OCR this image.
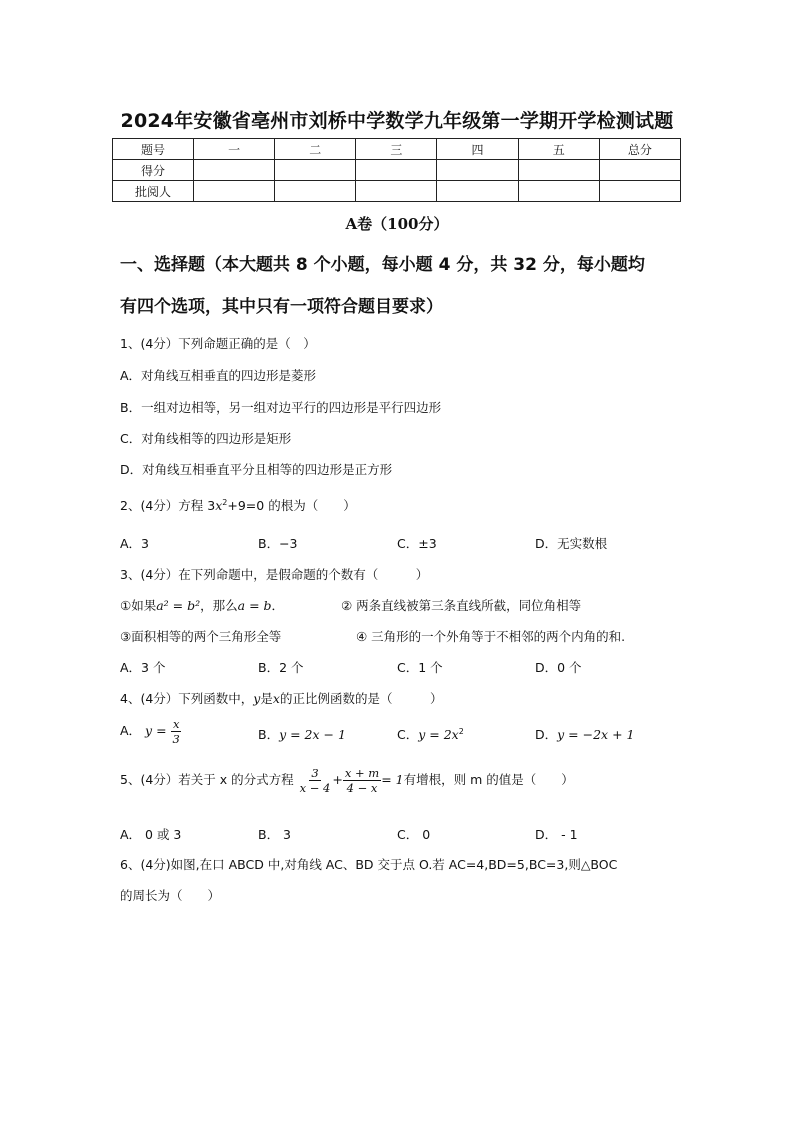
2024年安徽省亳州市刘桥中学数学九年级第一学期开学检测试题
题号	一	二	三	四	五	总分
得分						
批阅人						
A卷（100分）
一、选择题（本大题共 8 个小题，每小题 4 分，共 32 分，每小题均
有四个选项，其中只有一项符合题目要求）
1、(4分）下列命题正确的是（　）
A．对角线互相垂直的四边形是菱形
B．一组对边相等，另一组对边平行的四边形是平行四边形
C．对角线相等的四边形是矩形
D．对角线互相垂直平分且相等的四边形是正方形
2、(4分）方程 $3x^2+9=0$ 的根为（　　）
A．3	B．−3	C．±3	D．无实数根
3、(4分）在下列命题中，是假命题的个数有（　　　）
①如果a² = b²，那么a = b．	② 两条直线被第三条直线所截，同位角相等
③面积相等的两个三角形全等	④ 三角形的一个外角等于不相邻的两个内角的和.
A．3 个	B．2 个	C．1 个	D．0 个
4、(4分）下列函数中，y是x的正比例函数的是（　　　）
A． $y = \frac{x}{3}$	B．y = 2x − 1	C．$y = 2x^2$	D．y = −2x + 1
5、(4分）若关于 x 的分式方程 $\frac{3}{x - 4} + \frac{x + m}{4 - x} = 1$有增根，则 m 的值是（　　）
A． 0 或 3	B． 3	C． 0	D． - 1
6、(4分)如图,在口 ABCD 中,对角线 AC、BD 交于点 O.若 AC=4,BD=5,BC=3,则△BOC
的周长为（　　）
